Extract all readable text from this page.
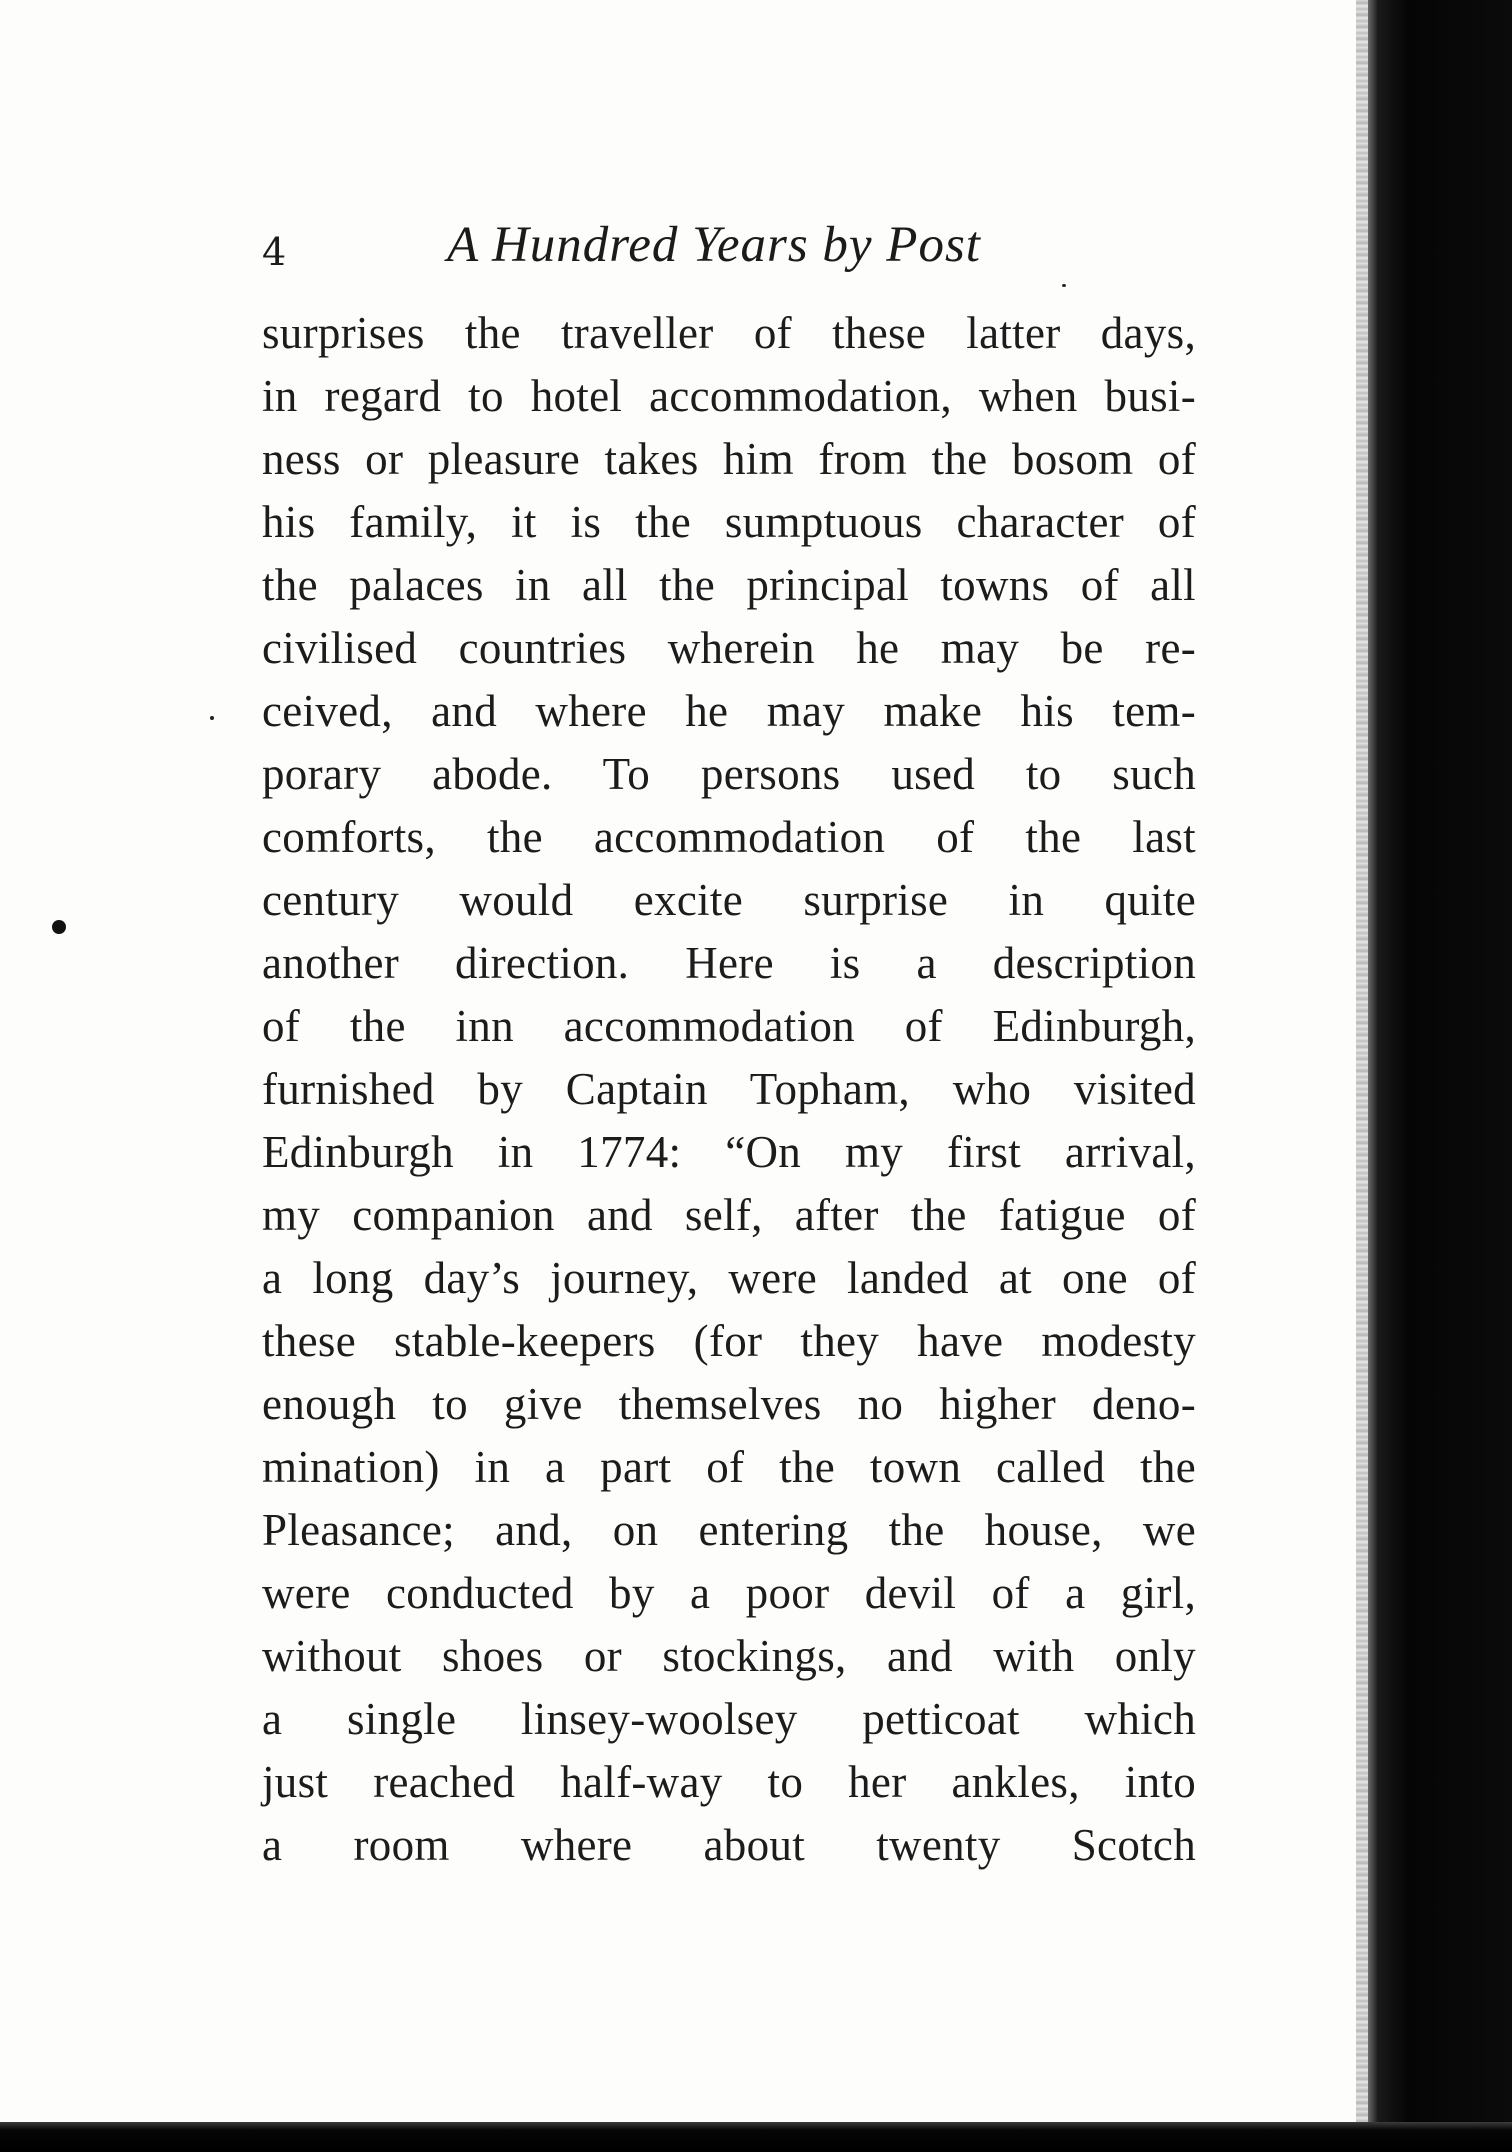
4	A Hundred Years by Post
surprises the traveller of these latter days,
in regard to hotel accommodation, when busi-
ness or pleasure takes him from the bosom of
his family, it is the sumptuous character of
the palaces in all the principal towns of all
civilised countries wherein he may be re-
ceived, and where he may make his tem-
porary abode. To persons used to such
comforts, the accommodation of the last
century would excite surprise in quite
another direction. Here is a description
of the inn accommodation of Edinburgh,
furnished by Captain Topham, who visited
Edinburgh in 1774: “On my first arrival,
my companion and self, after the fatigue of
a long day’s journey, were landed at one of
these stable-keepers (for they have modesty
enough to give themselves no higher deno-
mination) in a part of the town called the
Pleasance; and, on entering the house, we
were conducted by a poor devil of a girl,
without shoes or stockings, and with only
a single linsey-woolsey petticoat which
just reached half-way to her ankles, into
a room where about twenty Scotch
